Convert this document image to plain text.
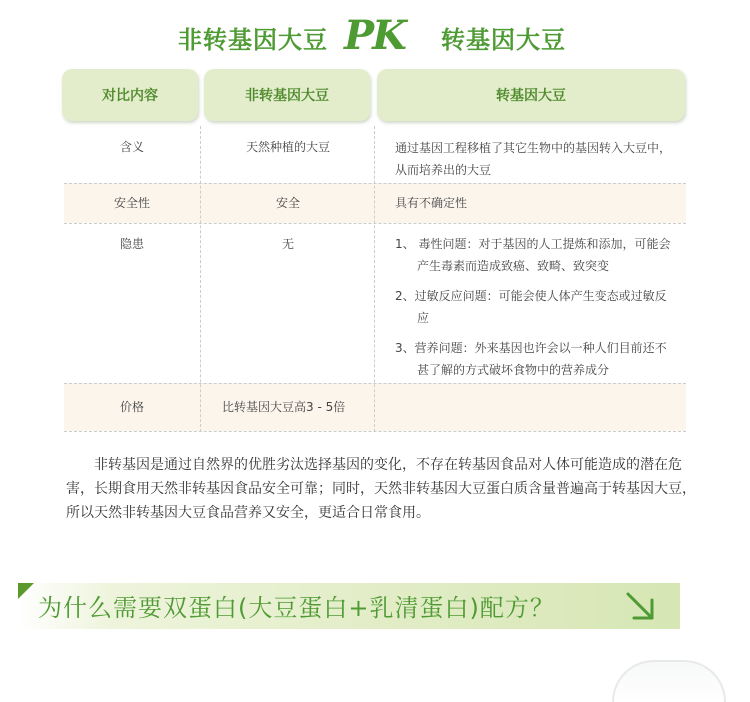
非转基因大豆 PK 转基因大豆
对比内容	非转基因大豆	转基因大豆
含义	天然种植的大豆	通过基因工程移植了其它生物中的基因转入大豆中，从而培养出的大豆
安全性	安全	具有不确定性
隐患	无	1、 毒性问题：对于基因的人工提炼和添加，可能会产生毒素而造成致癌、致畸、致突变
2、过敏反应问题：可能会使人体产生变态或过敏反应
3、营养问题：外来基因也许会以一种人们目前还不甚了解的方式破坏食物中的营养成分
价格	比转基因大豆高3 - 5倍
非转基因是通过自然界的优胜劣汰选择基因的变化，不存在转基因食品对人体可能造成的潜在危害，长期食用天然非转基因食品安全可靠；同时，天然非转基因大豆蛋白质含量普遍高于转基因大豆，所以天然非转基因大豆食品营养又安全，更适合日常食用。
为什么需要双蛋白(大豆蛋白+乳清蛋白)配方？
